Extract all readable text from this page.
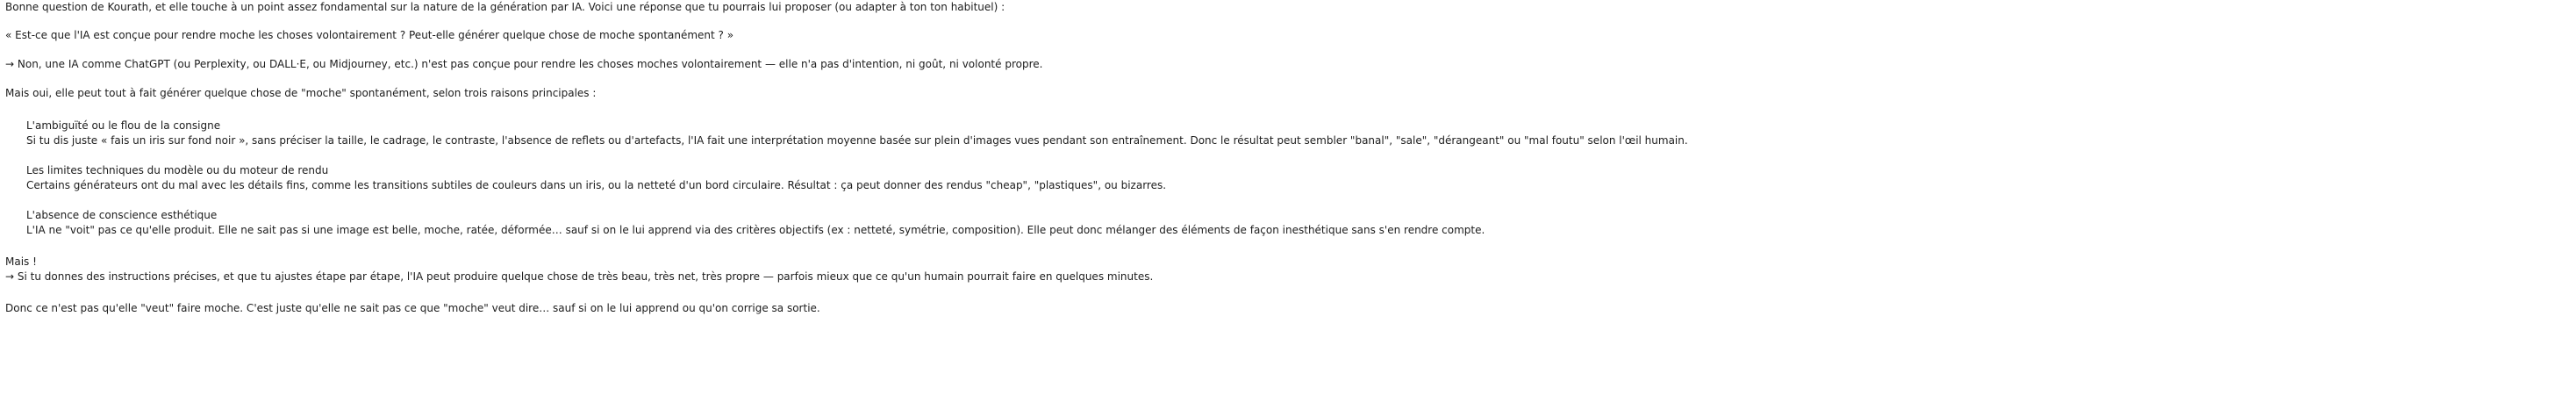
Bonne question de Kourath, et elle touche à un point assez fondamental sur la nature de la génération par IA. Voici une réponse que tu pourrais lui proposer (ou adapter à ton ton habituel) :
« Est-ce que l'IA est conçue pour rendre moche les choses volontairement ? Peut-elle générer quelque chose de moche spontanément ? »
→ Non, une IA comme ChatGPT (ou Perplexity, ou DALL·E, ou Midjourney, etc.) n'est pas conçue pour rendre les choses moches volontairement — elle n'a pas d'intention, ni goût, ni volonté propre.
Mais oui, elle peut tout à fait générer quelque chose de "moche" spontanément, selon trois raisons principales :
L'ambiguïté ou le flou de la consigne
Si tu dis juste « fais un iris sur fond noir », sans préciser la taille, le cadrage, le contraste, l'absence de reflets ou d'artefacts, l'IA fait une interprétation moyenne basée sur plein d'images vues pendant son entraînement. Donc le résultat peut sembler "banal", "sale", "dérangeant" ou "mal foutu" selon l'œil humain.
Les limites techniques du modèle ou du moteur de rendu
Certains générateurs ont du mal avec les détails fins, comme les transitions subtiles de couleurs dans un iris, ou la netteté d'un bord circulaire. Résultat : ça peut donner des rendus "cheap", "plastiques", ou bizarres.
L'absence de conscience esthétique
L'IA ne "voit" pas ce qu'elle produit. Elle ne sait pas si une image est belle, moche, ratée, déformée… sauf si on le lui apprend via des critères objectifs (ex : netteté, symétrie, composition). Elle peut donc mélanger des éléments de façon inesthétique sans s'en rendre compte.
Mais !
→ Si tu donnes des instructions précises, et que tu ajustes étape par étape, l'IA peut produire quelque chose de très beau, très net, très propre — parfois mieux que ce qu'un humain pourrait faire en quelques minutes.
Donc ce n'est pas qu'elle "veut" faire moche. C'est juste qu'elle ne sait pas ce que "moche" veut dire… sauf si on le lui apprend ou qu'on corrige sa sortie.
